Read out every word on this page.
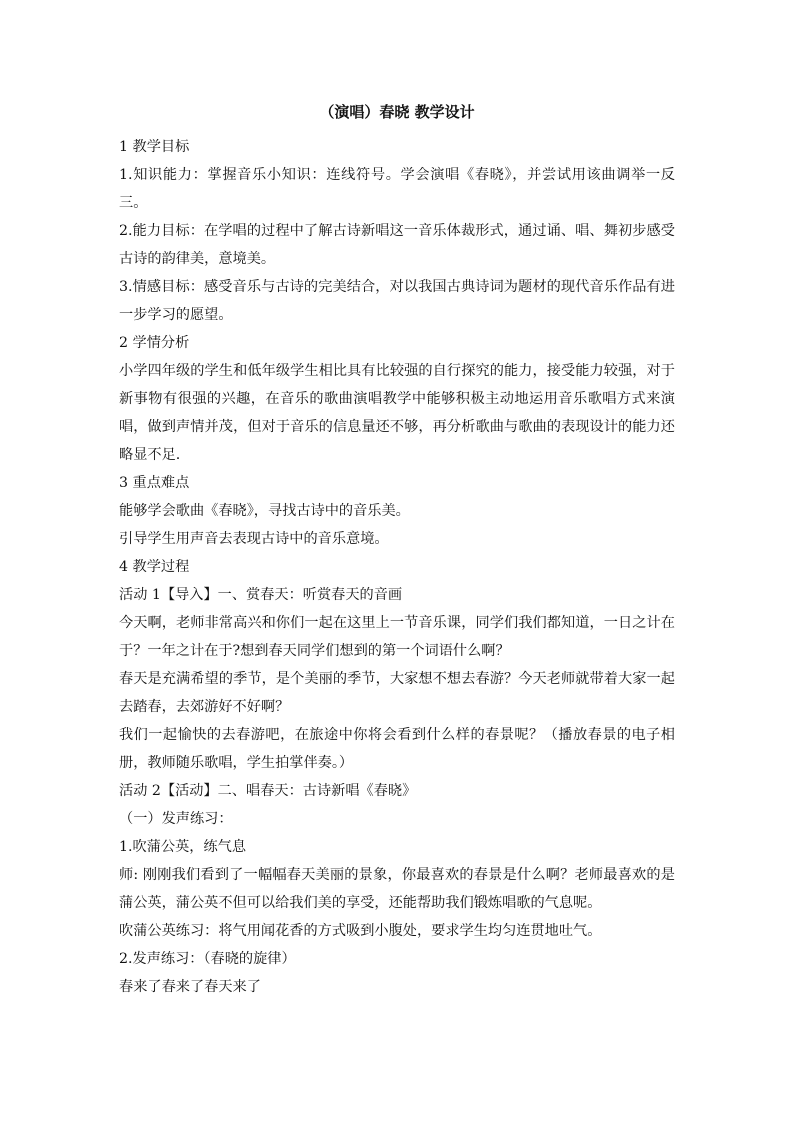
（演唱）春晓 教学设计

1 教学目标

1.知识能力：掌握音乐小知识：连线符号。学会演唱《春晓》，并尝试用该曲调举一反三。

2.能力目标：在学唱的过程中了解古诗新唱这一音乐体裁形式，通过诵、唱、舞初步感受古诗的韵律美，意境美。

3.情感目标：感受音乐与古诗的完美结合，对以我国古典诗词为题材的现代音乐作品有进一步学习的愿望。

2 学情分析

小学四年级的学生和低年级学生相比具有比较强的自行探究的能力，接受能力较强，对于新事物有很强的兴趣，在音乐的歌曲演唱教学中能够积极主动地运用音乐歌唱方式来演唱，做到声情并茂，但对于音乐的信息量还不够，再分析歌曲与歌曲的表现设计的能力还略显不足.

3 重点难点

能够学会歌曲《春晓》，寻找古诗中的音乐美。

引导学生用声音去表现古诗中的音乐意境。

4 教学过程

活动 1【导入】一、赏春天：听赏春天的音画

今天啊，老师非常高兴和你们一起在这里上一节音乐课，同学们我们都知道，一日之计在于？一年之计在于?想到春天同学们想到的第一个词语什么啊？

春天是充满希望的季节，是个美丽的季节，大家想不想去春游？今天老师就带着大家一起去踏春，去郊游好不好啊？

我们一起愉快的去春游吧，在旅途中你将会看到什么样的春景呢？（播放春景的电子相册，教师随乐歌唱，学生拍掌伴奏。）

活动 2【活动】二、唱春天：古诗新唱《春晓》

（一）发声练习：

1.吹蒲公英，练气息

师: 刚刚我们看到了一幅幅春天美丽的景象，你最喜欢的春景是什么啊？老师最喜欢的是蒲公英，蒲公英不但可以给我们美的享受，还能帮助我们锻炼唱歌的气息呢。

吹蒲公英练习：将气用闻花香的方式吸到小腹处，要求学生均匀连贯地吐气。

2.发声练习：（春晓的旋律）

春来了春来了春天来了
